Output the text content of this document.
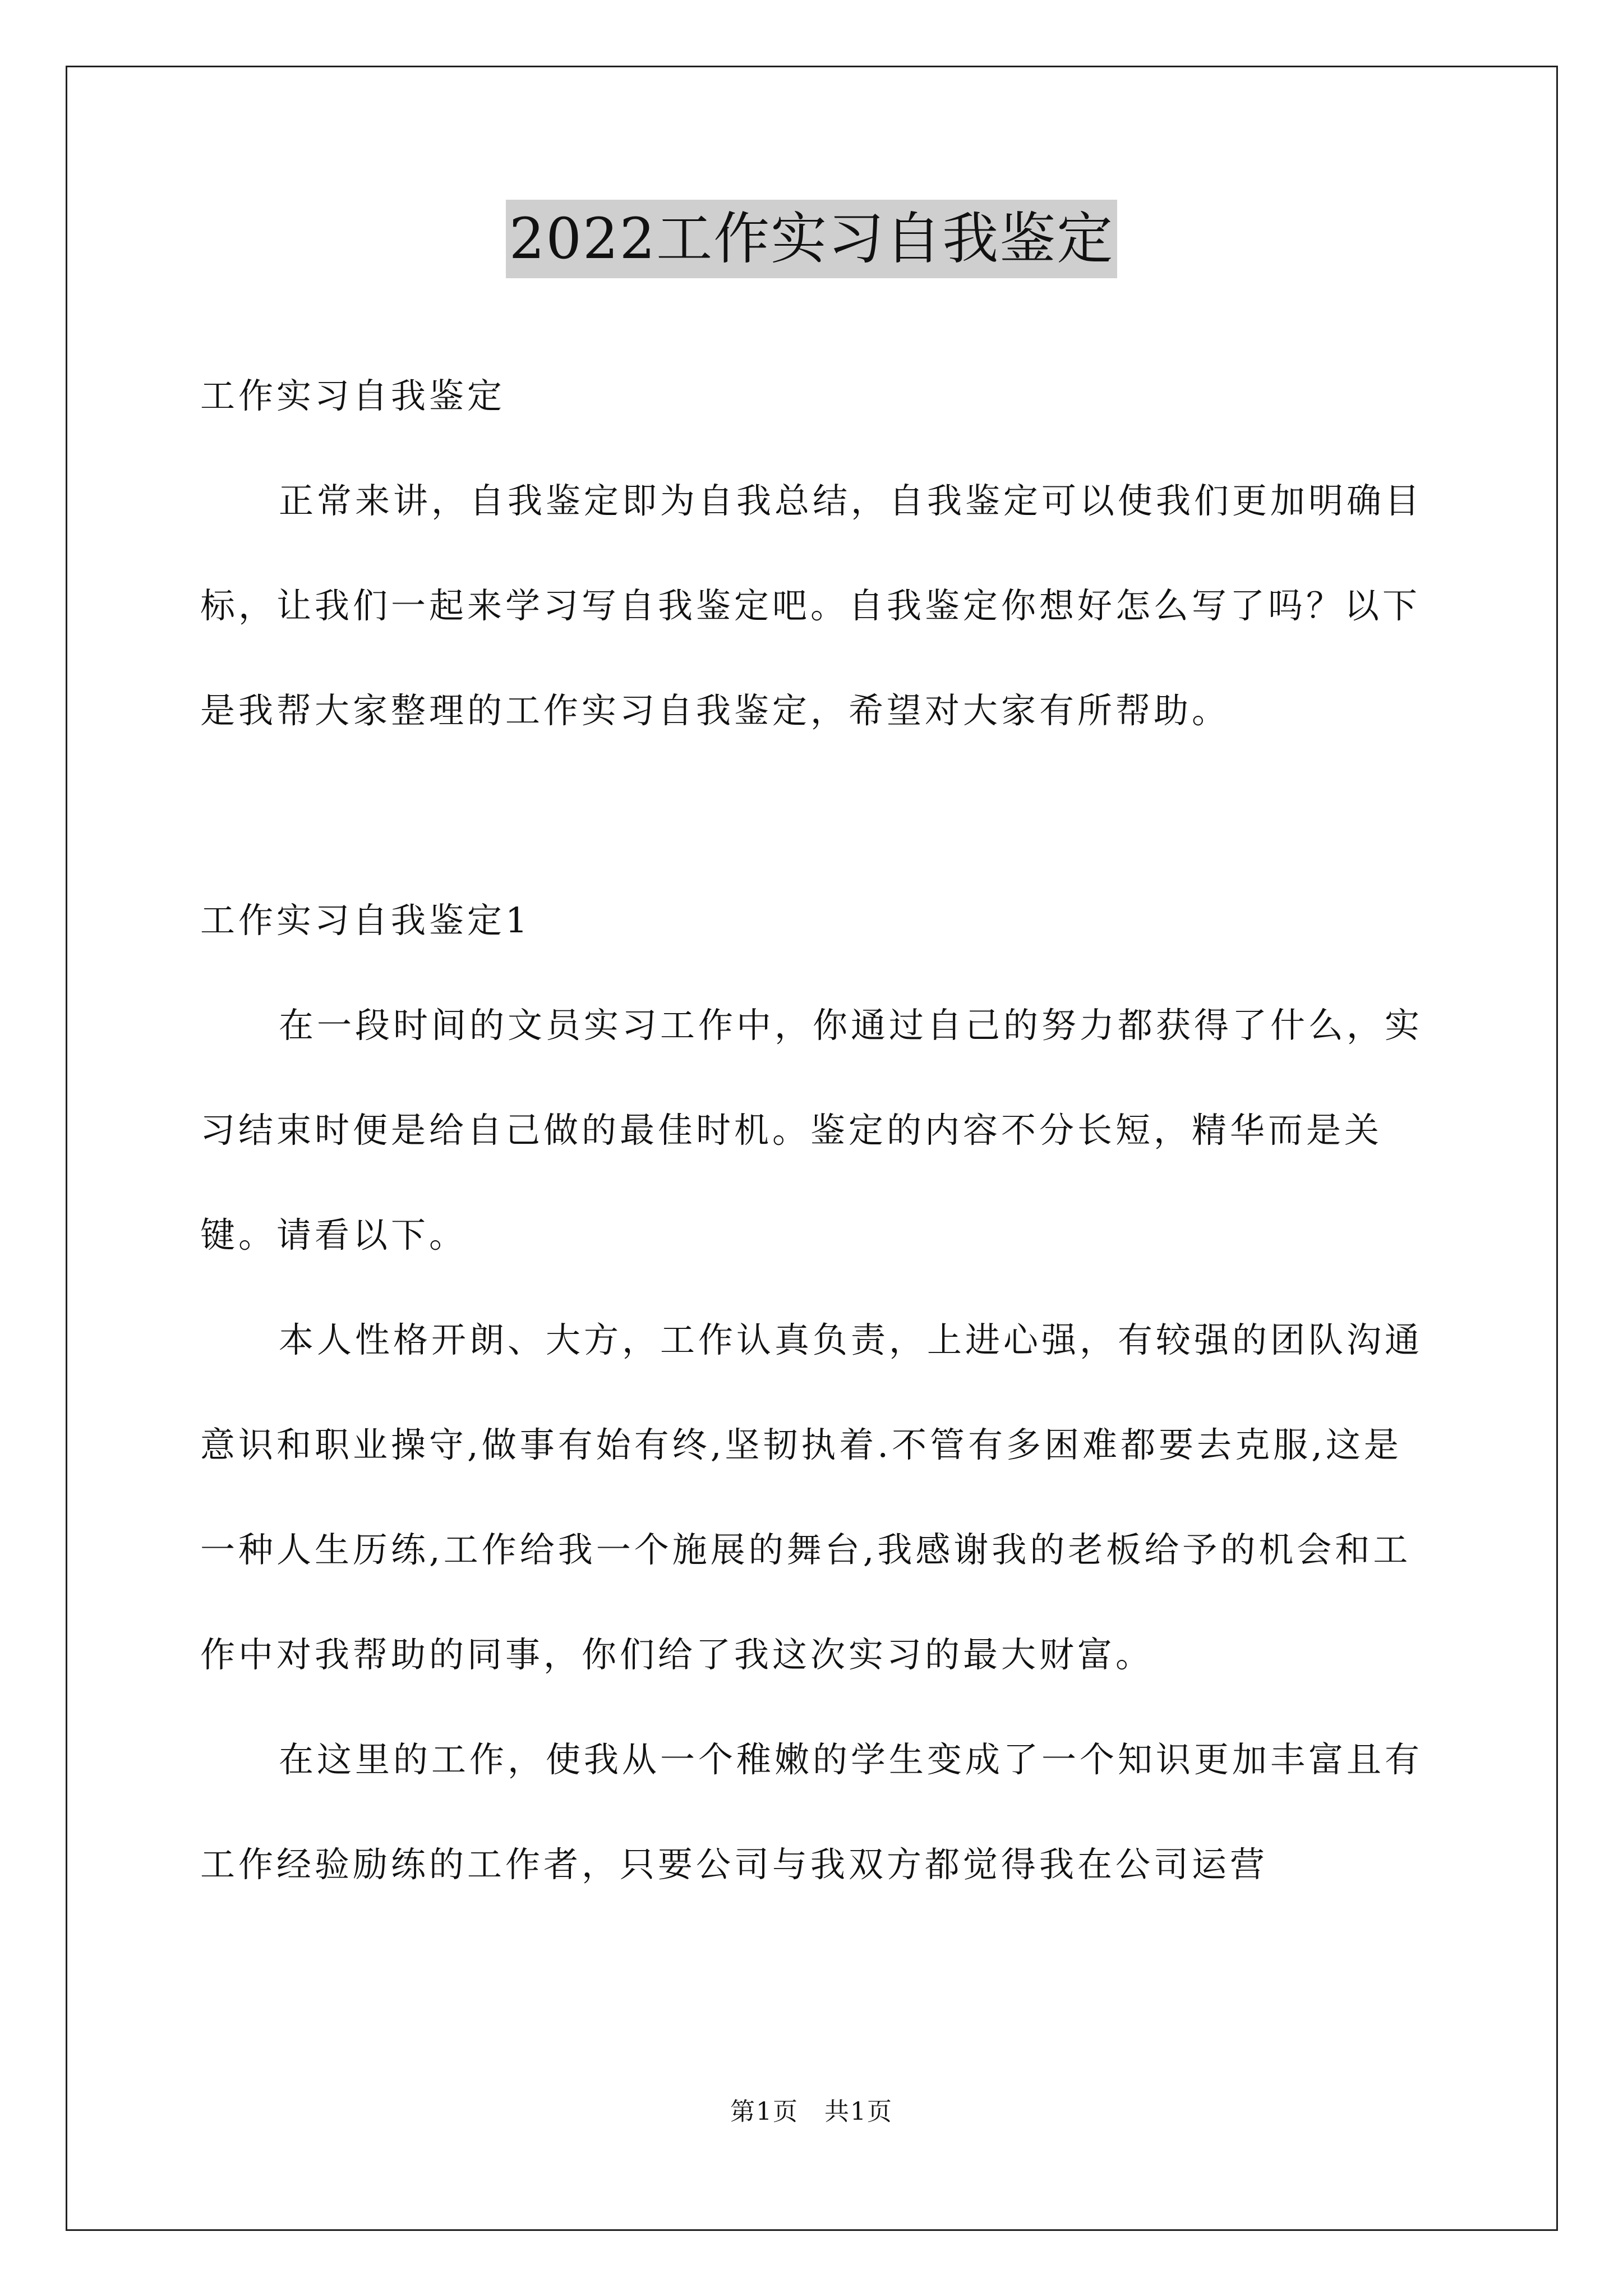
2022工作实习自我鉴定

工作实习自我鉴定

正常来讲，自我鉴定即为自我总结，自我鉴定可以使我们更加明确目标，让我们一起来学习写自我鉴定吧。自我鉴定你想好怎么写了吗？以下是我帮大家整理的工作实习自我鉴定，希望对大家有所帮助。

工作实习自我鉴定1

在一段时间的文员实习工作中，你通过自己的努力都获得了什么，实习结束时便是给自己做的最佳时机。鉴定的内容不分长短，精华而是关键。请看以下。

本人性格开朗、大方，工作认真负责，上进心强，有较强的团队沟通意识和职业操守,做事有始有终,坚韧执着.不管有多困难都要去克服,这是一种人生历练,工作给我一个施展的舞台,我感谢我的老板给予的机会和工作中对我帮助的同事，你们给了我这次实习的最大财富。

在这里的工作，使我从一个稚嫩的学生变成了一个知识更加丰富且有工作经验励练的工作者，只要公司与我双方都觉得我在公司运营

第1页　共1页
